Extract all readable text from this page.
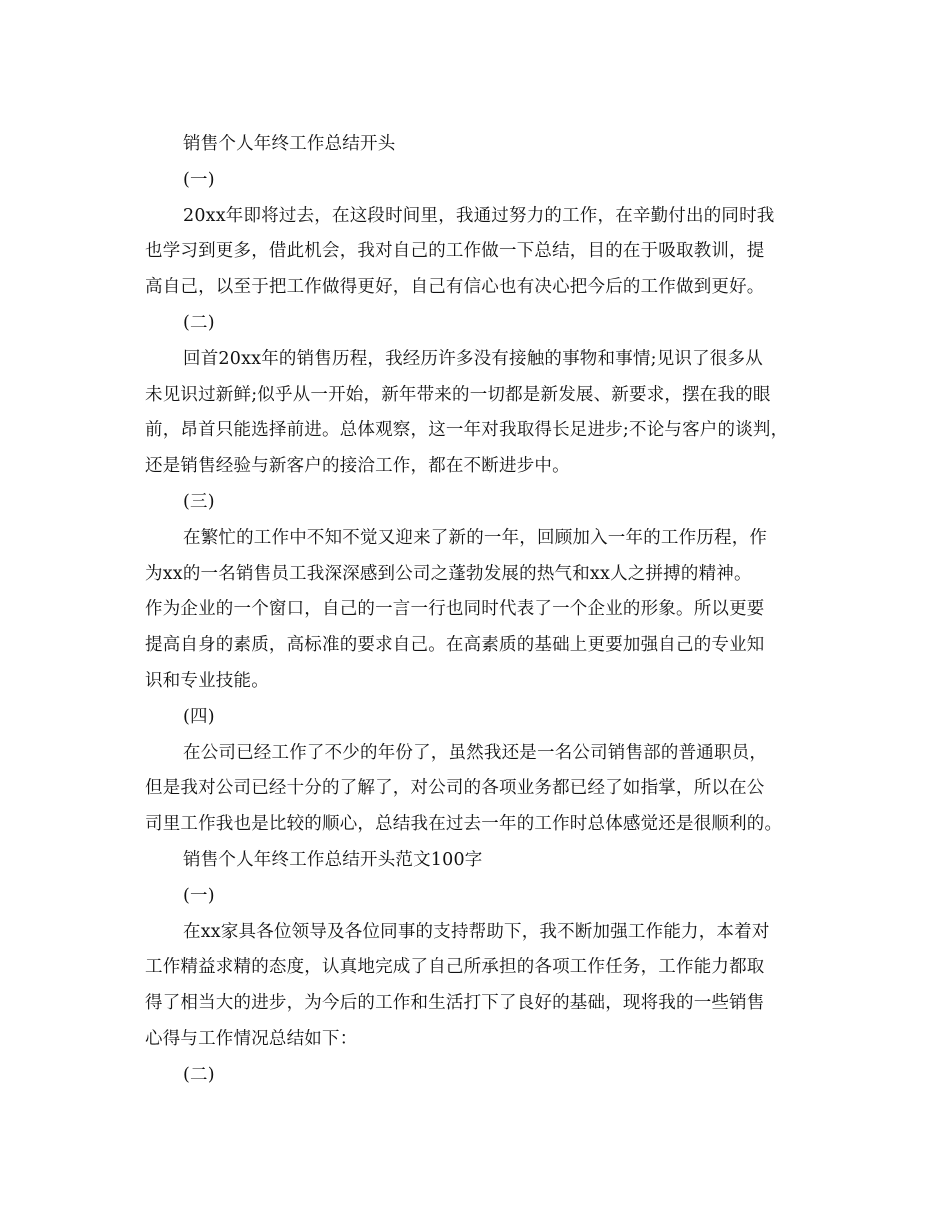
销售个人年终工作总结开头
(一)
20xx年即将过去，在这段时间里，我通过努力的工作，在辛勤付出的同时我
也学习到更多，借此机会，我对自己的工作做一下总结，目的在于吸取教训，提
高自己，以至于把工作做得更好，自己有信心也有决心把今后的工作做到更好。
(二)
回首20xx年的销售历程，我经历许多没有接触的事物和事情;见识了很多从
未见识过新鲜;似乎从一开始，新年带来的一切都是新发展、新要求，摆在我的眼
前，昂首只能选择前进。总体观察，这一年对我取得长足进步;不论与客户的谈判，
还是销售经验与新客户的接洽工作，都在不断进步中。
(三)
在繁忙的工作中不知不觉又迎来了新的一年，回顾加入一年的工作历程，作
为xx的一名销售员工我深深感到公司之蓬勃发展的热气和xx人之拼搏的精神。
作为企业的一个窗口，自己的一言一行也同时代表了一个企业的形象。所以更要
提高自身的素质，高标准的要求自己。在高素质的基础上更要加强自己的专业知
识和专业技能。
(四)
在公司已经工作了不少的年份了，虽然我还是一名公司销售部的普通职员，
但是我对公司已经十分的了解了，对公司的各项业务都已经了如指掌，所以在公
司里工作我也是比较的顺心，总结我在过去一年的工作时总体感觉还是很顺利的。
销售个人年终工作总结开头范文100字
(一)
在xx家具各位领导及各位同事的支持帮助下，我不断加强工作能力，本着对
工作精益求精的态度，认真地完成了自己所承担的各项工作任务，工作能力都取
得了相当大的进步，为今后的工作和生活打下了良好的基础，现将我的一些销售
心得与工作情况总结如下：
(二)
